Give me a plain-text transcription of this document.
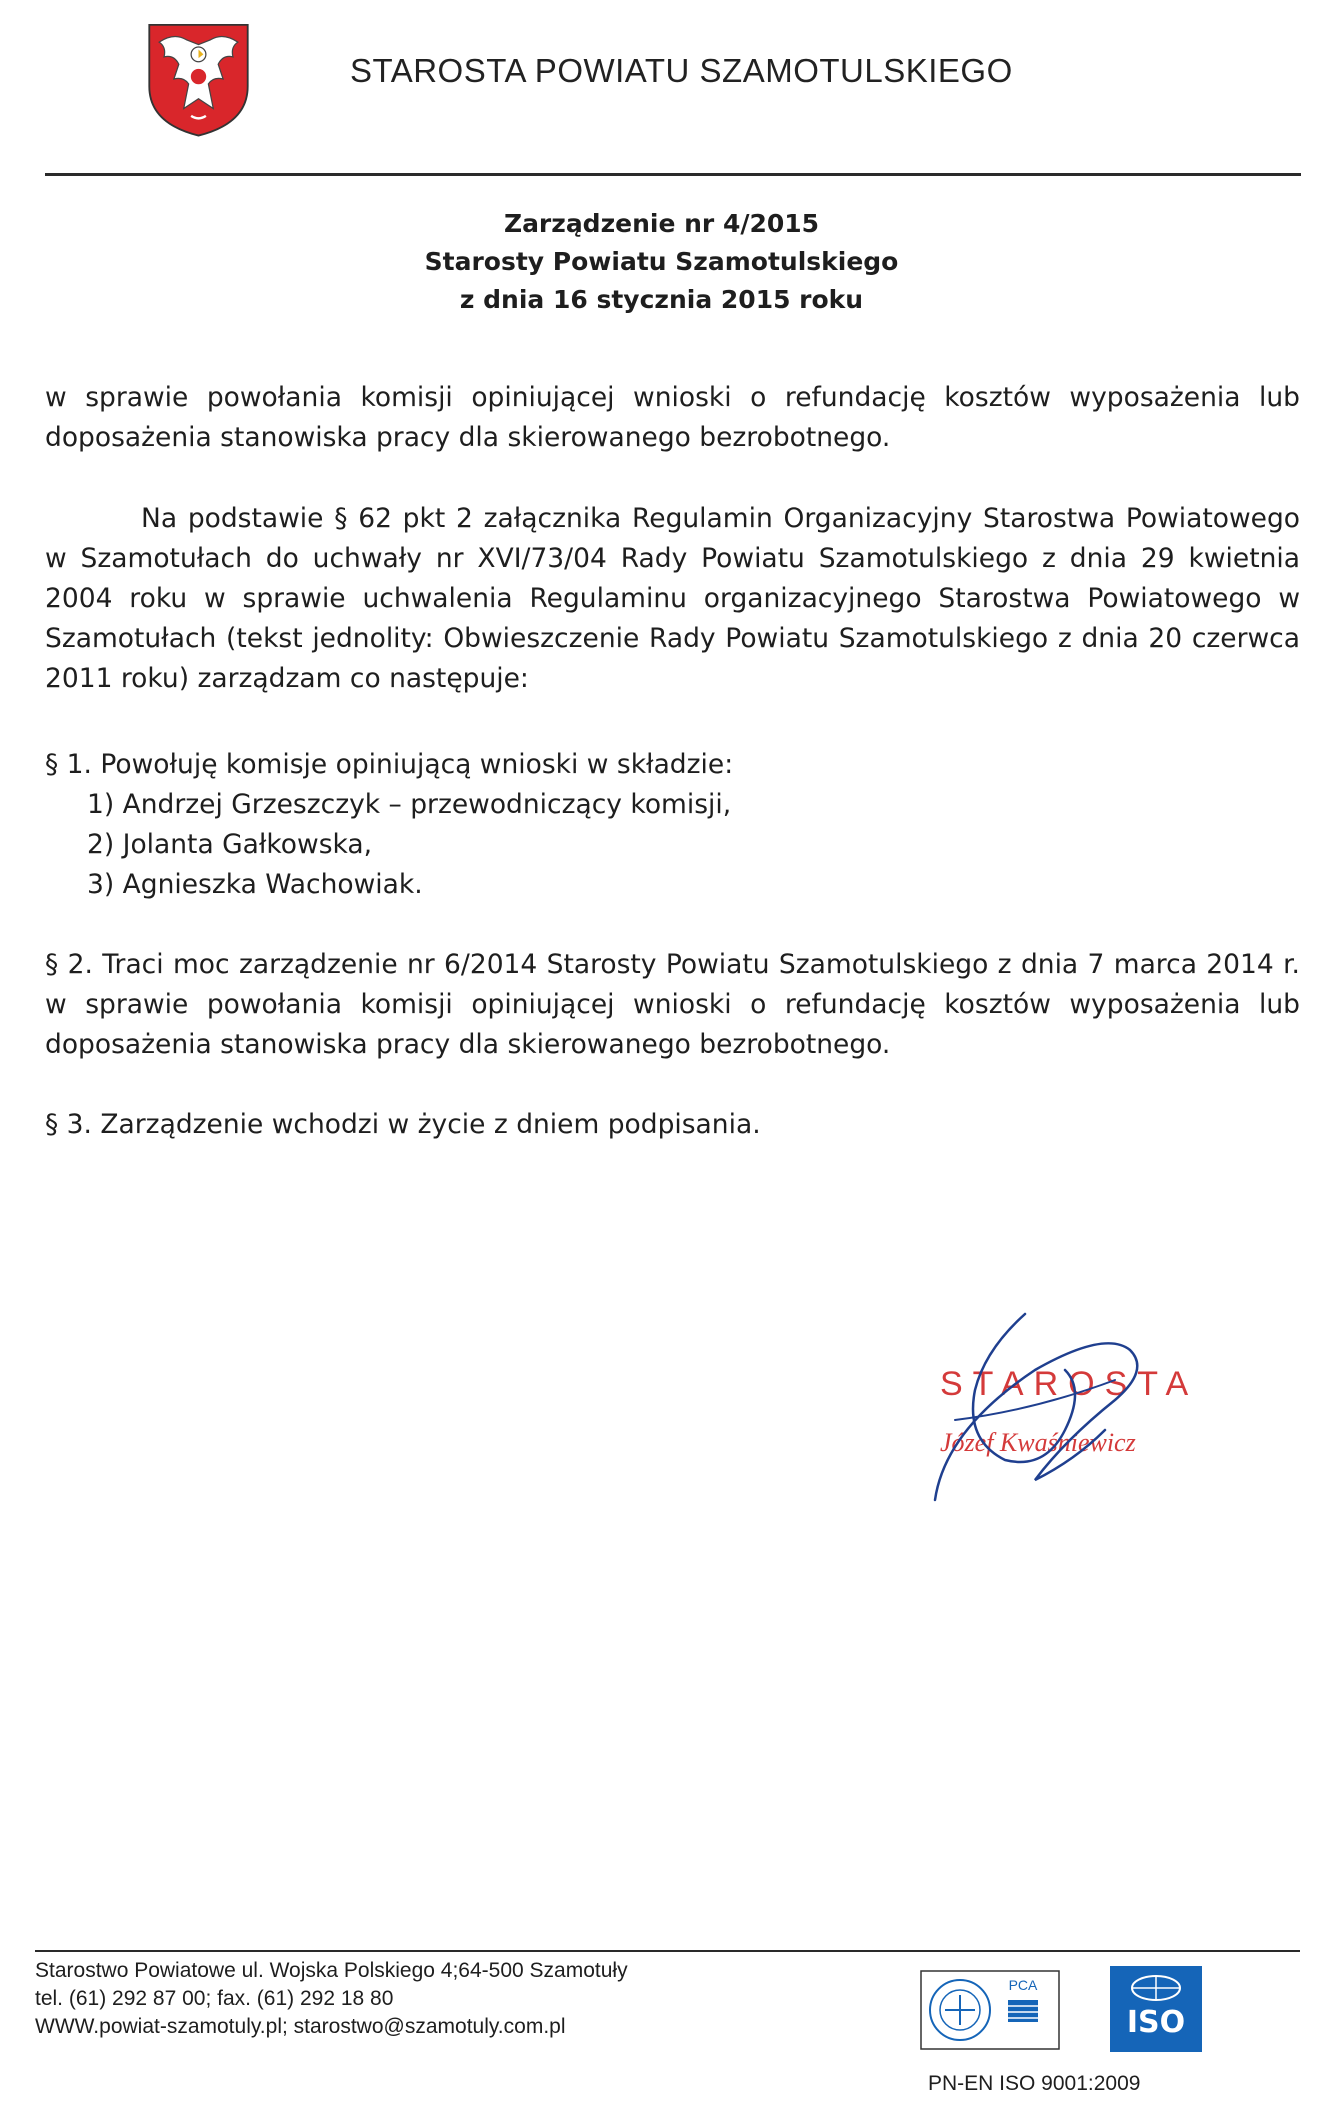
STAROSTA POWIATU SZAMOTULSKIEGO
Zarządzenie nr 4/2015
Starosty Powiatu Szamotulskiego
z dnia 16 stycznia 2015 roku

w sprawie powołania komisji opiniującej wnioski o refundację kosztów wyposażenia lub doposażenia stanowiska pracy dla skierowanego bezrobotnego.

Na podstawie § 62 pkt 2 załącznika Regulamin Organizacyjny Starostwa Powiatowego w Szamotułach do uchwały nr XVI/73/04 Rady Powiatu Szamotulskiego z dnia 29 kwietnia 2004 roku w sprawie uchwalenia Regulaminu organizacyjnego Starostwa Powiatowego w Szamotułach (tekst jednolity: Obwieszczenie Rady Powiatu Szamotulskiego z dnia 20 czerwca 2011 roku) zarządzam co następuje:

§ 1. Powołuję komisje opiniującą wnioski w składzie:

1) Andrzej Grzeszczyk – przewodniczący komisji,
2) Jolanta Gałkowska,
3) Agnieszka Wachowiak.

§ 2. Traci moc zarządzenie nr 6/2014 Starosty Powiatu Szamotulskiego z dnia 7 marca 2014 r. w sprawie powołania komisji opiniującej wnioski o refundację kosztów wyposażenia lub doposażenia stanowiska pracy dla skierowanego bezrobotnego.

§ 3. Zarządzenie wchodzi w życie z dniem podpisania.

STAROSTA
Józef Kwaśniewicz
Starostwo Powiatowe ul. Wojska Polskiego 4;64-500 Szamotuły
tel. (61) 292 87 00; fax. (61) 292 18 80
WWW.powiat-szamotuly.pl; starostwo@szamotuly.com.pl
PCA
ISO
PN-EN ISO 9001:2009
